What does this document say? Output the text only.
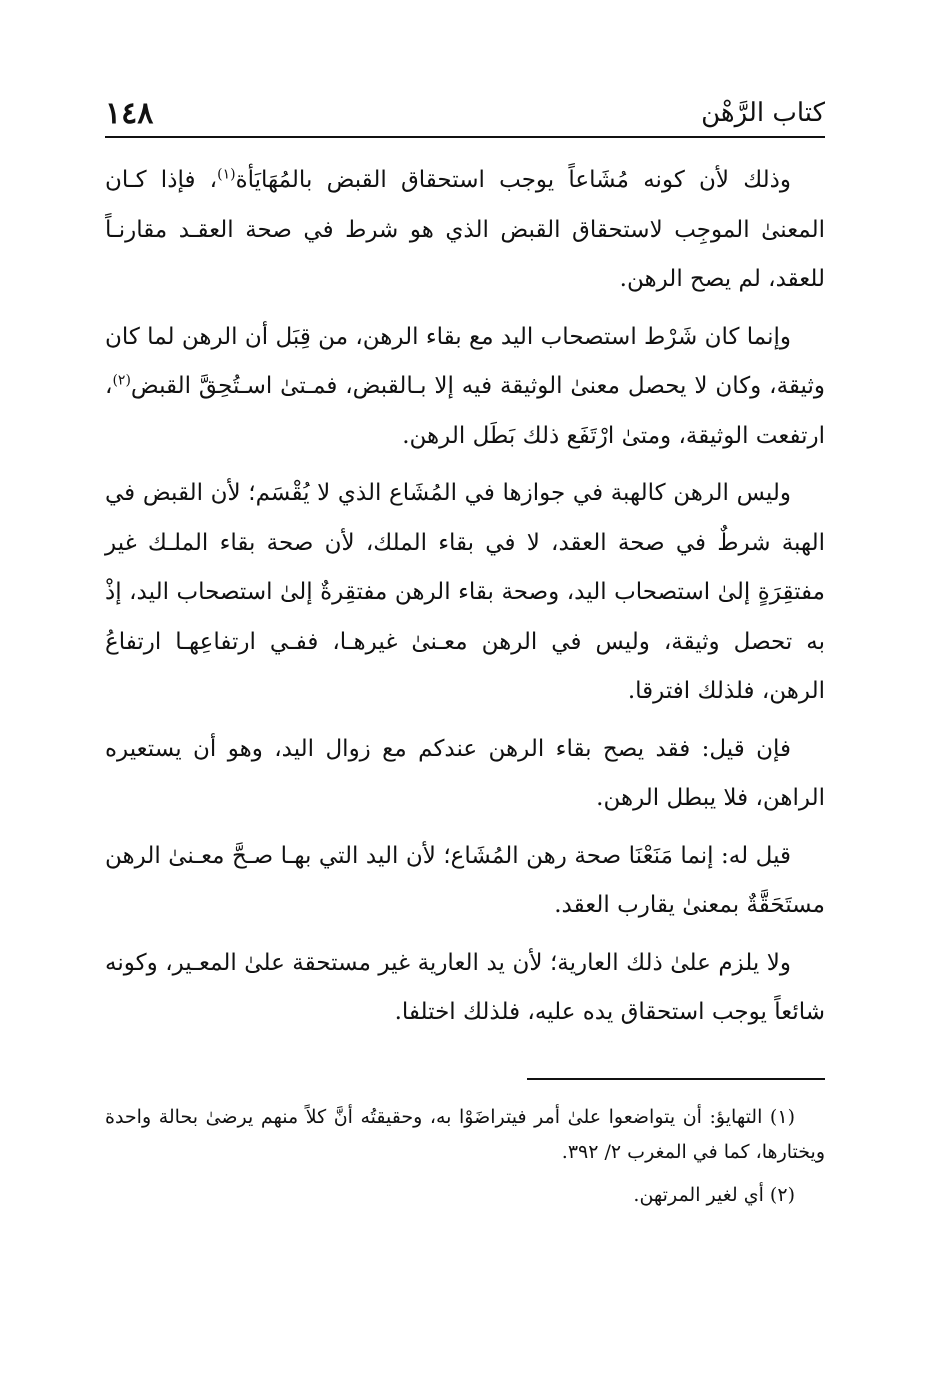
كتاب الرَّهْن
١٤٨

وذلك لأن كونه مُشَاعاً يوجب استحقاق القبض بالمُهَايَأة$^{(١)}$، فإذا كـان المعنىٰ الموجِب لاستحقاق القبض الذي هو شرط في صحة العقـد مقارنـاً للعقد، لم يصح الرهن.

وإنما كان شَرْط استصحاب اليد مع بقاء الرهن، من قِبَل أن الرهن لما كان وثيقة، وكان لا يحصل معنىٰ الوثيقة فيه إلا بـالقبض، فمـتىٰ اسـتُحِقَّ القبض$^{(٢)}$، ارتفعت الوثيقة، ومتىٰ ارْتَفَع ذلك بَطَل الرهن.

وليس الرهن كالهبة في جوازها في المُشَاع الذي لا يُقْسَم؛ لأن القبض في الهبة شرطٌ في صحة العقد، لا في بقاء الملك، لأن صحة بقاء الملـك غير مفتقِرَةٍ إلىٰ استصحاب اليد، وصحة بقاء الرهن مفتقِرةٌ إلىٰ استصحاب اليد، إذْ به تحصل وثيقة، وليس في الرهن معـنىٰ غيرهـا، ففـي ارتفاعِهـا ارتفاعُ الرهن، فلذلك افترقا.

فإن قيل: فقد يصح بقاء الرهن عندكم مع زوال اليد، وهو أن يستعيره الراهن، فلا يبطل الرهن.

قيل له: إنما مَنَعْنَا صحة رهن المُشَاع؛ لأن اليد التي بهـا صـحَّ معـنىٰ الرهن مستَحَقَّةٌ بمعنىٰ يقارب العقد.

ولا يلزم علىٰ ذلك العارية؛ لأن يد العارية غير مستحقة علىٰ المعـير، وكونه شائعاً يوجب استحقاق يده عليه، فلذلك اختلفا.

(١) التهايؤ: أن يتواضعوا علىٰ أمر فيتراضَوْا به، وحقيقتُه أنَّ كلاً منهم يرضىٰ بحالة واحدة ويختارها، كما في المغرب ٢/ ٣٩٢.

(٢) أي لغير المرتهن.
